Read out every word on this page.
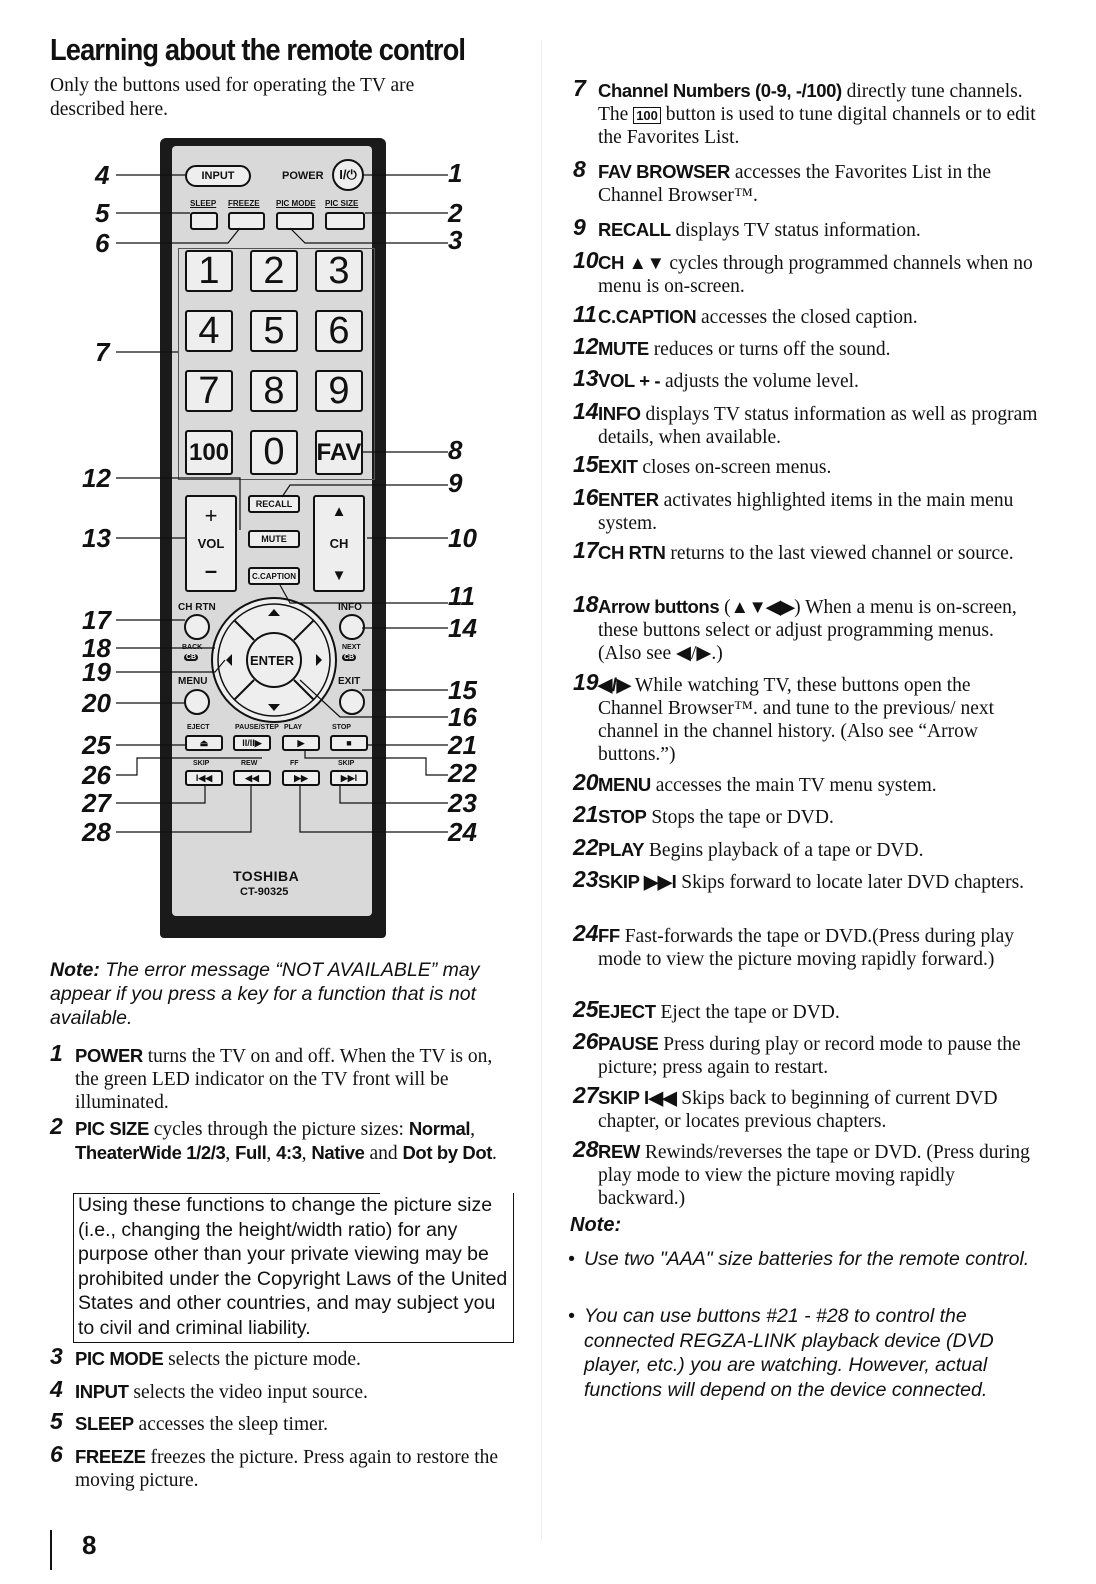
Learning about the remote control
Only the buttons used for operating the TV are described here.
INPUT	POWER	I/⏻
SLEEP FREEZE PIC MODE PIC SIZE
1	2	3
4	5	6
7	8	9
100 0	FAV
+
VOL
–
RECALL
MUTE
C.CAPTION
▲
CH
▼
CH RTN	INFO
BACK	NEXT
CB	CB
MENU	EXIT
ENTER
EJECT
⏏
SKIP
I◀◀
PAUSE/STEP
II/II▶
REW
◀◀
PLAY
▶
FF
▶▶
STOP
■
SKIP
▶▶I
TOSHIBA
CT-90325
4
5
6
7
12
13
17
18
19
20
25
26
27
28
1
2
3
8
9
10
11
14
15
16
21
22
23
24
Note: The error message “NOT AVAILABLE” may appear if you press a key for a function that is not available.
1 POWER turns the TV on and off. When the TV is on, the green LED indicator on the TV front will be illuminated.
2 PIC SIZE cycles through the picture sizes: Normal, TheaterWide 1/2/3, Full, 4:3, Native and Dot by Dot.
3 PIC MODE selects the picture mode.
4 INPUT selects the video input source.
5 SLEEP accesses the sleep timer.
6 FREEZE freezes the picture. Press again to restore the moving picture.
Using these functions to change the picture size (i.e., changing the height/width ratio) for any purpose other than your private viewing may be prohibited under the Copyright Laws of the United States and other countries, and may subject you to civil and criminal liability.
7 Channel Numbers (0-9, -/100) directly tune channels. The 100 button is used to tune digital channels or to edit the Favorites List.
8 FAV BROWSER accesses the Favorites List in the Channel Browser™.
9 RECALL displays TV status information.
10 CH ▲▼ cycles through programmed channels when no menu is on-screen.
11 C.CAPTION accesses the closed caption.
12 MUTE reduces or turns off the sound.
13 VOL + - adjusts the volume level.
14 INFO displays TV status information as well as program details, when available.
15 EXIT closes on-screen menus.
16 ENTER activates highlighted items in the main menu system.
17 CH RTN returns to the last viewed channel or source.
18 Arrow buttons (▲▼◀▶) When a menu is on-screen, these buttons select or adjust programming menus. (Also see ◀/▶.)
19 ◀/▶ While watching TV, these buttons open the Channel Browser™. and tune to the previous/ next channel in the channel history. (Also see “Arrow buttons.”)
20 MENU accesses the main TV menu system.
21 STOP Stops the tape or DVD.
22 PLAY Begins playback of a tape or DVD.
23 SKIP ▶▶I Skips forward to locate later DVD chapters.
24 FF Fast-forwards the tape or DVD.(Press during play mode to view the picture moving rapidly forward.)
25 EJECT Eject the tape or DVD.
26 PAUSE Press during play or record mode to pause the picture; press again to restart.
27 SKIP I◀◀ Skips back to beginning of current DVD chapter, or locates previous chapters.
28 REW Rewinds/reverses the tape or DVD. (Press during play mode to view the picture moving rapidly backward.)
Note:
• Use two "AAA" size batteries for the remote control.
• You can use buttons #21 - #28 to control the connected REGZA-LINK playback device (DVD player, etc.) you are watching. However, actual functions will depend on the device connected.
8
